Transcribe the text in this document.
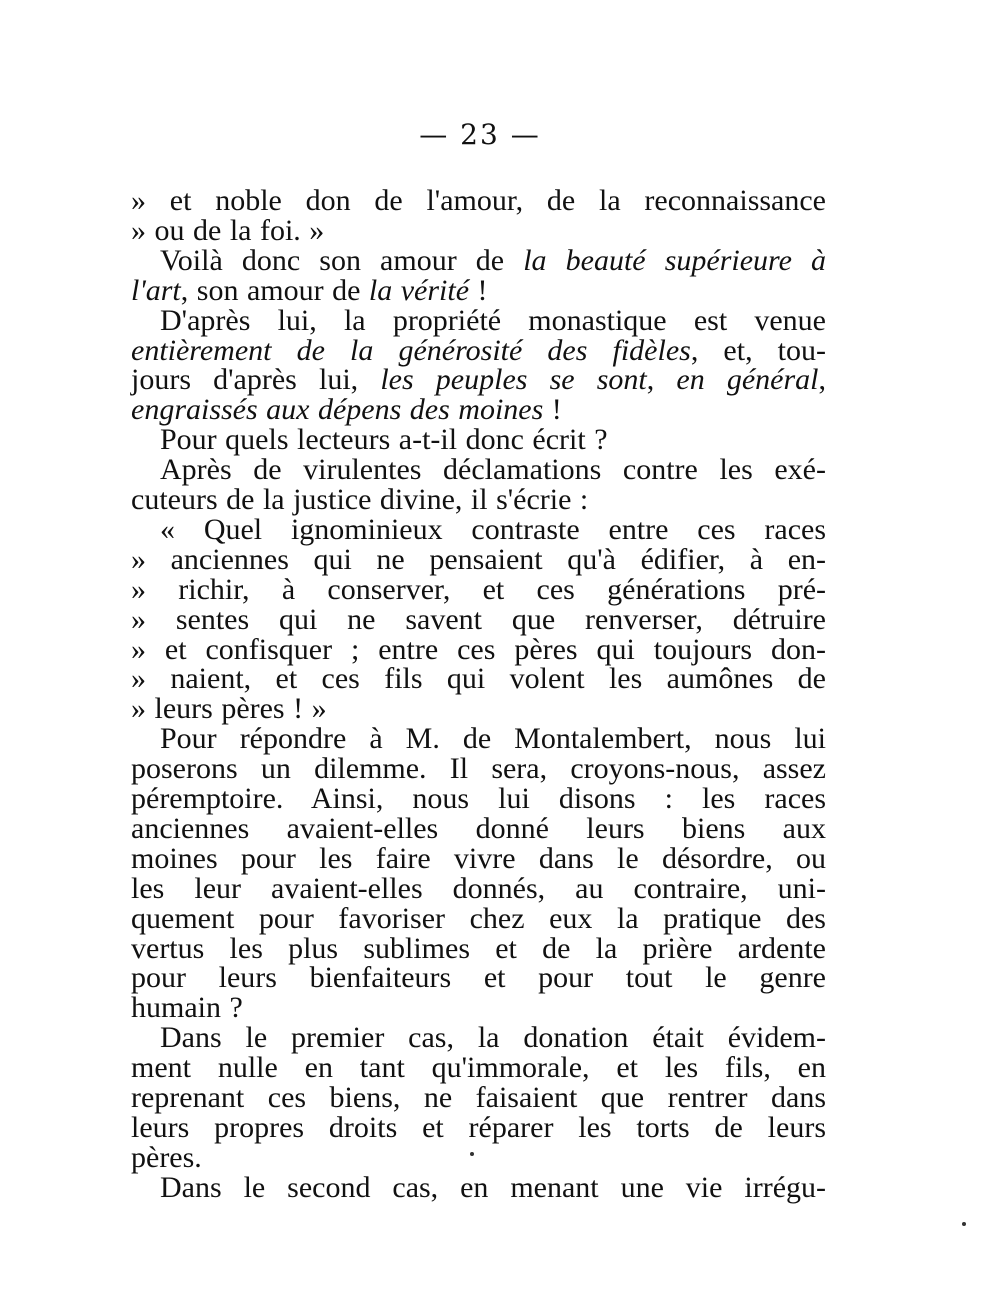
— 23 —
» et noble don de l'amour, de la reconnaissance
» ou de la foi. »
Voilà donc son amour de la beauté supérieure à
l'art, son amour de la vérité !
D'après lui, la propriété monastique est venue
entièrement de la générosité des fidèles, et, tou-
jours d'après lui, les peuples se sont, en général,
engraissés aux dépens des moines !
Pour quels lecteurs a-t-il donc écrit ?
Après de virulentes déclamations contre les exé-
cuteurs de la justice divine, il s'écrie :
« Quel ignominieux contraste entre ces races
» anciennes qui ne pensaient qu'à édifier, à en-
» richir, à conserver, et ces générations pré-
» sentes qui ne savent que renverser, détruire
» et confisquer ; entre ces pères qui toujours don-
» naient, et ces fils qui volent les aumônes de
» leurs pères ! »
Pour répondre à M. de Montalembert, nous lui
poserons un dilemme. Il sera, croyons-nous, assez
péremptoire. Ainsi, nous lui disons : les races
anciennes avaient-elles donné leurs biens aux
moines pour les faire vivre dans le désordre, ou
les leur avaient-elles donnés, au contraire, uni-
quement pour favoriser chez eux la pratique des
vertus les plus sublimes et de la prière ardente
pour leurs bienfaiteurs et pour tout le genre
humain ?
Dans le premier cas, la donation était évidem-
ment nulle en tant qu'immorale, et les fils, en
reprenant ces biens, ne faisaient que rentrer dans
leurs propres droits et réparer les torts de leurs
pères.
Dans le second cas, en menant une vie irrégu-
